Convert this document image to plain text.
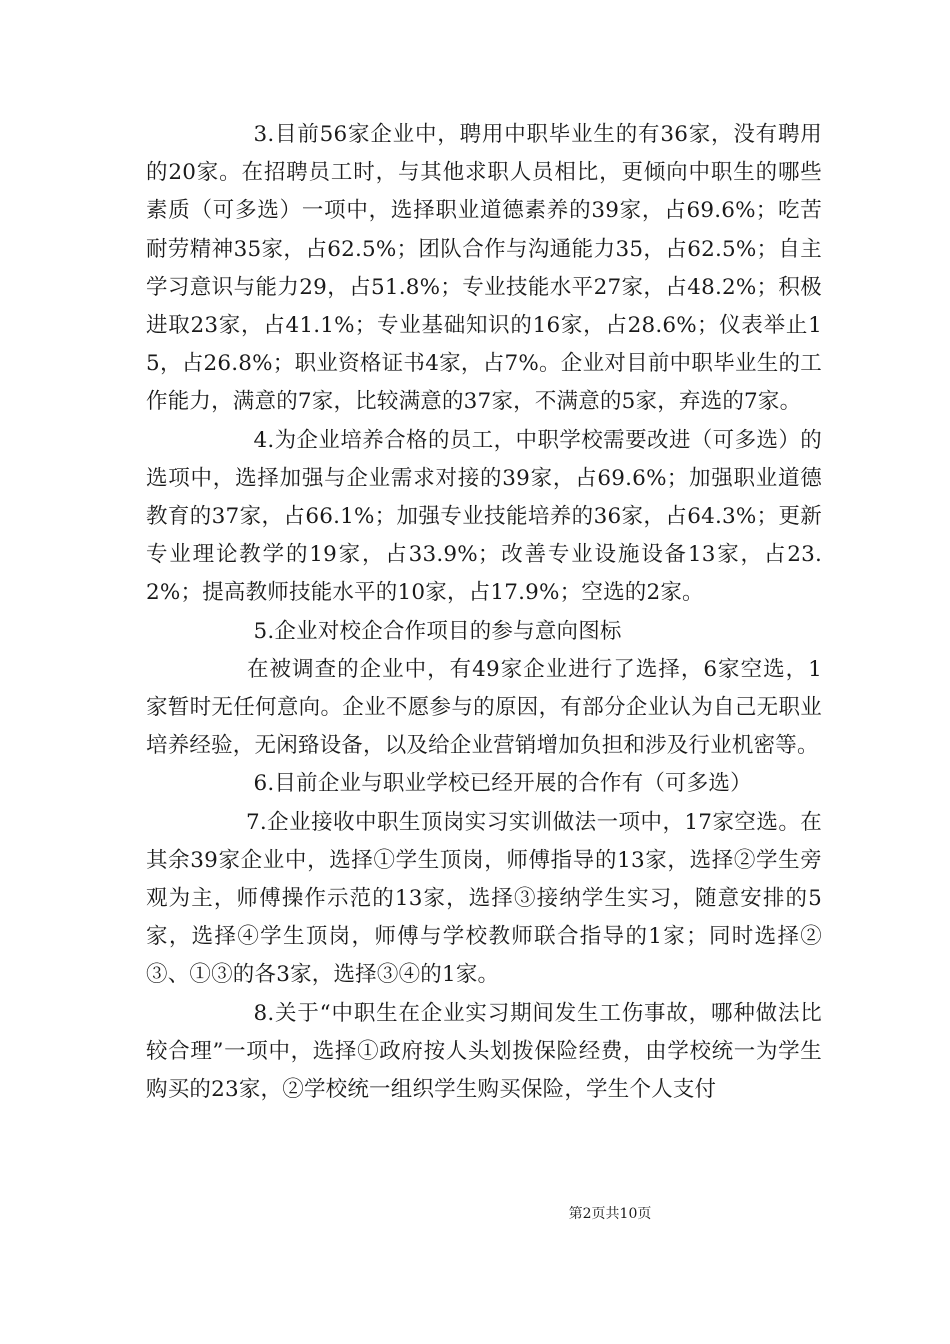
3.目前56家企业中，聘用中职毕业生的有36家，没有聘用的20家。在招聘员工时，与其他求职人员相比，更倾向中职生的哪些素质（可多选）一项中，选择职业道德素养的39家，占69.6%；吃苦耐劳精神35家，占62.5%；团队合作与沟通能力35，占62.5%；自主学习意识与能力29，占51.8%；专业技能水平27家，占48.2%；积极进取23家，占41.1%；专业基础知识的16家，占28.6%；仪表举止15，占26.8%；职业资格证书4家，占7%。企业对目前中职毕业生的工作能力，满意的7家，比较满意的37家，不满意的5家，弃选的7家。

4.为企业培养合格的员工，中职学校需要改进（可多选）的选项中，选择加强与企业需求对接的39家，占69.6%；加强职业道德教育的37家，占66.1%；加强专业技能培养的36家，占64.3%；更新专业理论教学的19家，占33.9%；改善专业设施设备13家，占23.2%；提高教师技能水平的10家，占17.9%；空选的2家。

5.企业对校企合作项目的参与意向图标

在被调查的企业中，有49家企业进行了选择，6家空选，1家暂时无任何意向。企业不愿参与的原因，有部分企业认为自己无职业培养经验，无闲臵设备，以及给企业营销增加负担和涉及行业机密等。

6.目前企业与职业学校已经开展的合作有（可多选）

7.企业接收中职生顶岗实习实训做法一项中，17家空选。在其余39家企业中，选择①学生顶岗，师傅指导的13家，选择②学生旁观为主，师傅操作示范的13家，选择③接纳学生实习，随意安排的5家，选择④学生顶岗，师傅与学校教师联合指导的1家；同时选择②③、①③的各3家，选择③④的1家。

8.关于“中职生在企业实习期间发生工伤事故，哪种做法比较合理”一项中，选择①政府按人头划拨保险经费，由学校统一为学生购买的23家，②学校统一组织学生购买保险，学生个人支付

第2页共10页
